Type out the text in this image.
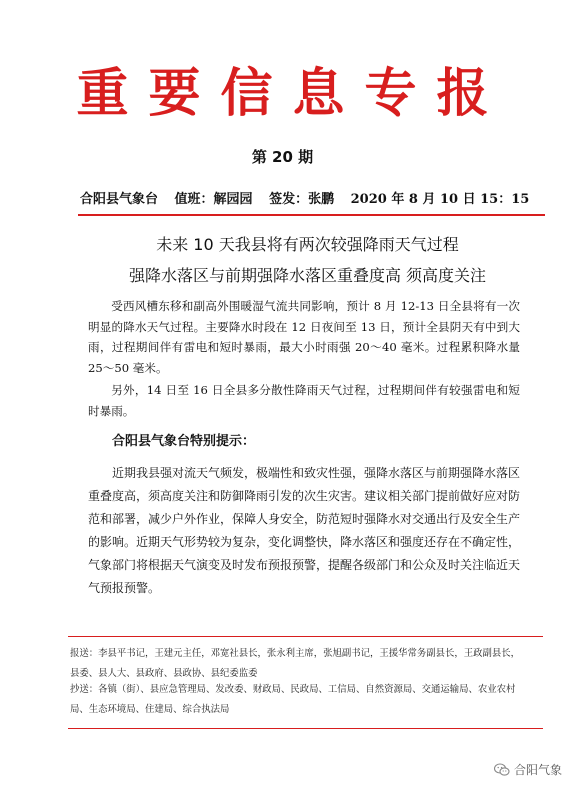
重要信息专报
第 20 期
合阳县气象台 值班：解园园 签发：张鹏 2020 年 8 月 10 日 15：15
未来 10 天我县将有两次较强降雨天气过程
强降水落区与前期强降水落区重叠度高 须高度关注
受西风槽东移和副高外围暖湿气流共同影响，预计 8 月 12-13 日全县将有一次明显的降水天气过程。主要降水时段在 12 日夜间至 13 日，预计全县阴天有中到大雨，过程期间伴有雷电和短时暴雨，最大小时雨强 20～40 毫米。过程累积降水量 25～50 毫米。
另外，14 日至 16 日全县多分散性降雨天气过程，过程期间伴有较强雷电和短时暴雨。
合阳县气象台特别提示：
近期我县强对流天气频发，极端性和致灾性强，强降水落区与前期强降水落区重叠度高，须高度关注和防御降雨引发的次生灾害。建议相关部门提前做好应对防范和部署，减少户外作业，保障人身安全，防范短时强降水对交通出行及安全生产的影响。近期天气形势较为复杂，变化调整快，降水落区和强度还存在不确定性，气象部门将根据天气演变及时发布预报预警，提醒各级部门和公众及时关注临近天气预报预警。
报送：李县平书记，王建元主任，邓宽社县长，张永利主席，张旭副书记，王援华常务副县长，王政副县长，县委、县人大、县政府、县政协、县纪委监委
抄送：各镇（街）、县应急管理局、发改委、财政局、民政局、工信局、自然资源局、交通运输局、农业农村局、生态环境局、住建局、综合执法局
合阳气象
